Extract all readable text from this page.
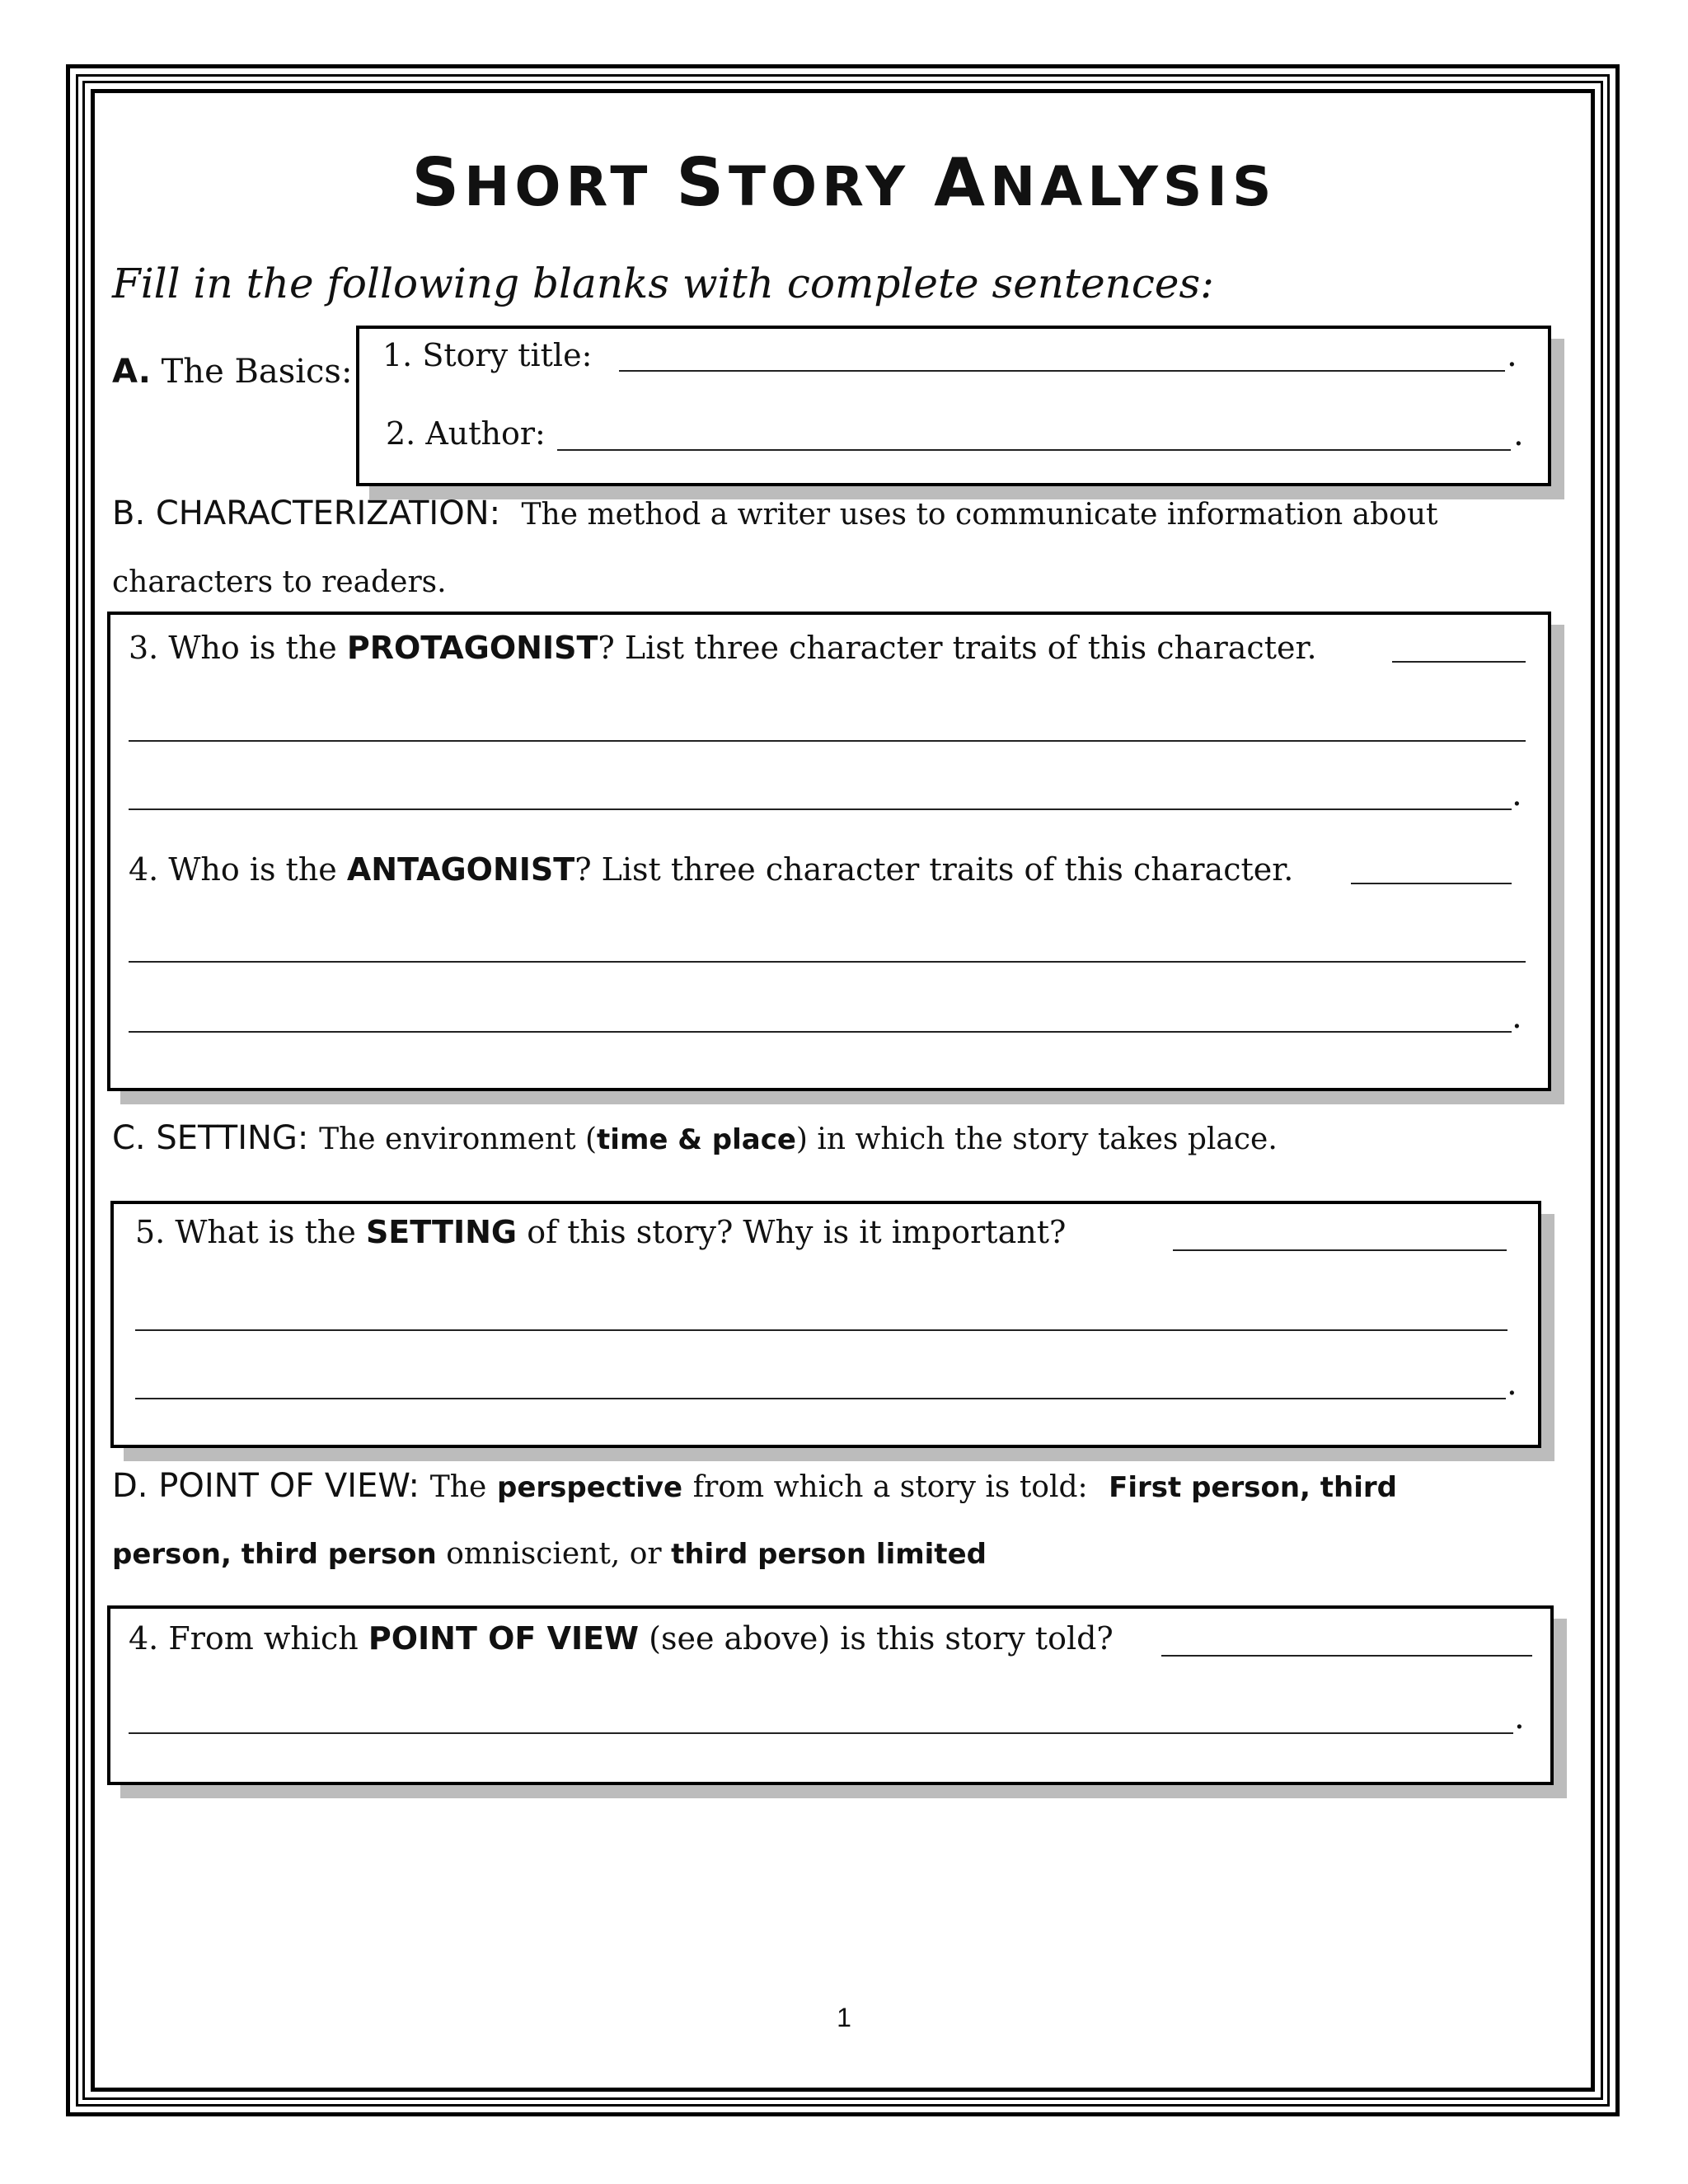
SHORT STORY ANALYSIS
Fill in the following blanks with complete sentences:
A. The Basics: 1. Story title:	.
2. Author:	.
B. CHARACTERIZATION: The method a writer uses to communicate information about
characters to readers.
3. Who is the PROTAGONIST? List three character traits of this character.
.
4. Who is the ANTAGONIST? List three character traits of this character.
.
C. SETTING: The environment (time & place) in which the story takes place.
5. What is the SETTING of this story? Why is it important?
.
D. POINT OF VIEW: The perspective from which a story is told: First person, third
person, third person omniscient, or third person limited
4. From which POINT OF VIEW (see above) is this story told?
.
1
